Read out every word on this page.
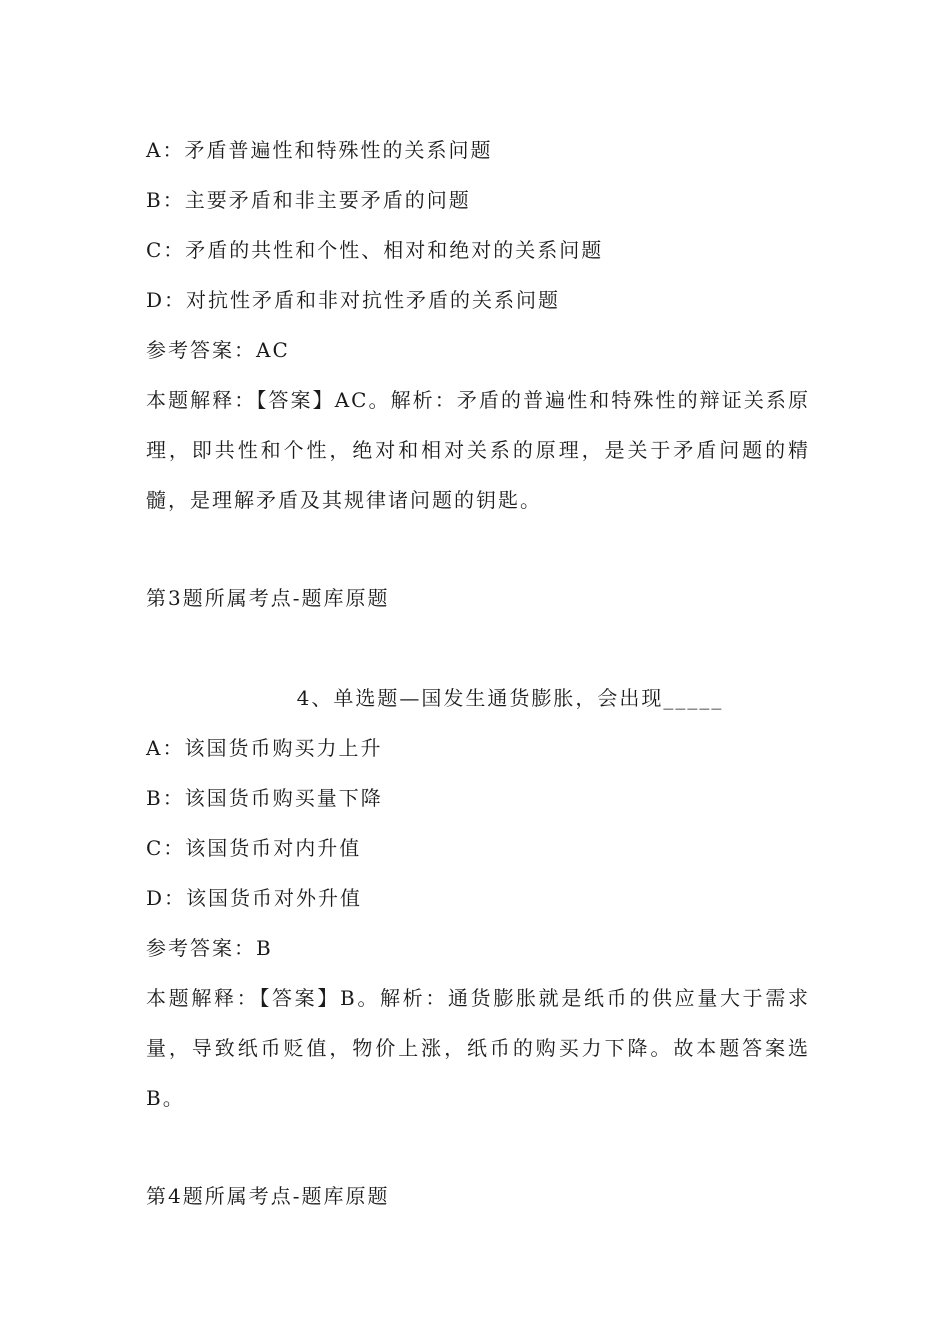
A：矛盾普遍性和特殊性的关系问题
B：主要矛盾和非主要矛盾的问题
C：矛盾的共性和个性、相对和绝对的关系问题
D：对抗性矛盾和非对抗性矛盾的关系问题
参考答案：AC
本题解释：【答案】AC。解析：矛盾的普遍性和特殊性的辩证关系原理，即共性和个性，绝对和相对关系的原理，是关于矛盾问题的精髓，是理解矛盾及其规律诸问题的钥匙。
第3题所属考点-题库原题
4、单选题—国发生通货膨胀，会出现_____
A：该国货币购买力上升
B：该国货币购买量下降
C：该国货币对内升值
D：该国货币对外升值
参考答案：B
本题解释：【答案】B。解析：通货膨胀就是纸币的供应量大于需求量，导致纸币贬值，物价上涨，纸币的购买力下降。故本题答案选B。
第4题所属考点-题库原题
